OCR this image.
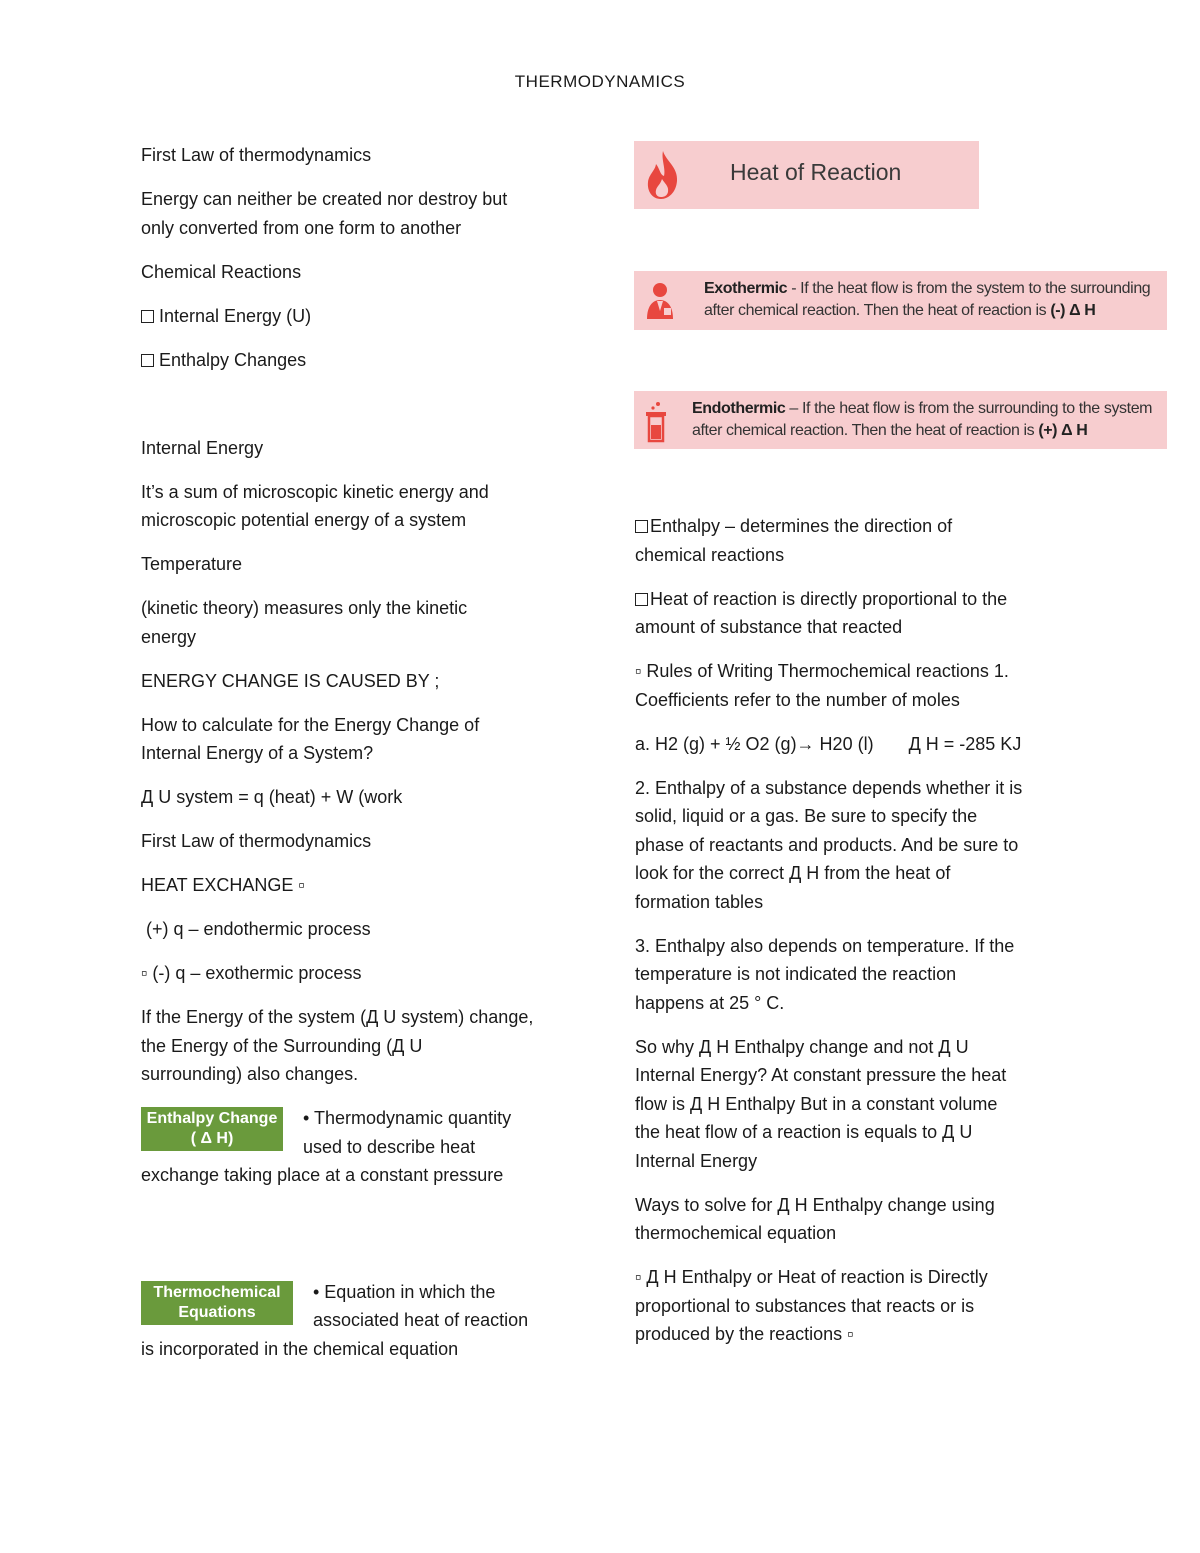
THERMODYNAMICS

First Law of thermodynamics

Energy can neither be created nor destroy but
only converted from one form to another

Chemical Reactions

Internal Energy (U)

Enthalpy Changes

Internal Energy

It’s a sum of microscopic kinetic energy and
microscopic potential energy of a system

Temperature

(kinetic theory) measures only the kinetic
energy

ENERGY CHANGE IS CAUSED BY ;

How to calculate for the Energy Change of
Internal Energy of a System?

Д U system = q (heat) + W (work

First Law of thermodynamics

HEAT EXCHANGE ▫

(+) q – endothermic process

▫ (-) q – exothermic process

If the Energy of the system (Д U system) change,
the Energy of the Surrounding (Д U
surrounding) also changes.

Enthalpy Change
( Δ H)
• Thermodynamic quantity
used to describe heat
exchange taking place at a constant pressure
Thermochemical
Equations
• Equation in which the
associated heat of reaction
is incorporated in the chemical equation
Heat of Reaction
Exothermic - If the heat flow is from the system to the surrounding
after chemical reaction. Then the heat of reaction is (-) Δ H
Endothermic – If the heat flow is from the surrounding to the system
after chemical reaction. Then the heat of reaction is (+) Δ H

Enthalpy – determines the direction of
chemical reactions

Heat of reaction is directly proportional to the
amount of substance that reacted

▫ Rules of Writing Thermochemical reactions 1.
Coefficients refer to the number of moles

a. H2 (g) + ½ O2 (g)→ H20 (l)       Д H = -285 KJ

2. Enthalpy of a substance depends whether it is
solid, liquid or a gas. Be sure to specify the
phase of reactants and products. And be sure to
look for the correct Д H from the heat of
formation tables

3. Enthalpy also depends on temperature. If the
temperature is not indicated the reaction
happens at 25 ° C.

So why Д H Enthalpy change and not Д U
Internal Energy? At constant pressure the heat
flow is Д H Enthalpy But in a constant volume
the heat flow of a reaction is equals to Д U
Internal Energy

Ways to solve for Д H Enthalpy change using
thermochemical equation

▫ Д H Enthalpy or Heat of reaction is Directly
proportional to substances that reacts or is
produced by the reactions ▫
